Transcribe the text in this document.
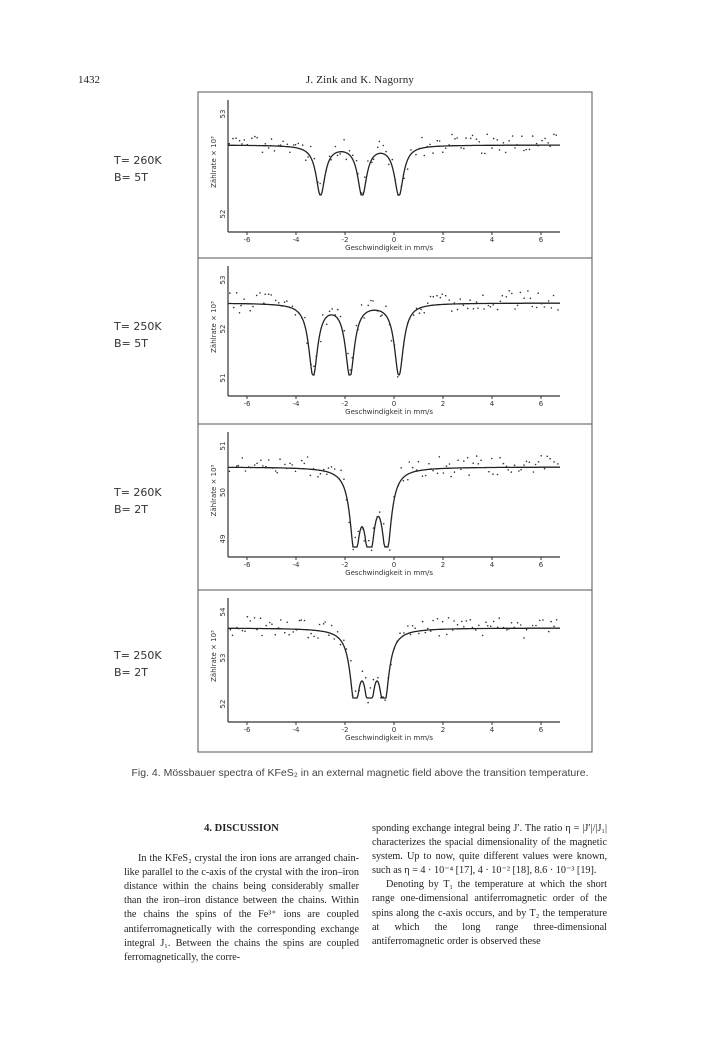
1432	J. Zink and K. Nagorny
-6	-4	-2	0	2	4	6
Geschwindigkeit in mm/s
Zählrate × 10³
53
52
-6	-4	-2	0	2	4	6
Geschwindigkeit in mm/s
Zählrate × 10³
53
52
51
-6	-4	-2	0	2	4	6
Geschwindigkeit in mm/s
Zählrate × 10³
51
50
49
-6	-4	-2	0	2	4	6
Geschwindigkeit in mm/s
Zählrate × 10³
54
53
52
T= 260K
B= 5T
T= 250K
B= 5T
T= 260K
B= 2T
T= 250K
B= 2T
Fig. 4. Mössbauer spectra of KFeS₂ in an external magnetic field above the transition temperature.

4. DISCUSSION

In the KFeS₂ crystal the iron ions are arranged chain-like parallel to the c-axis of the crystal with the iron–iron distance within the chains being considerably smaller than the iron–iron distance between the chains. Within the chains the spins of the Fe³⁺ ions are coupled antiferromagnetically with the corresponding exchange integral J₁. Between the chains the spins are coupled ferromagnetically, the corre-

sponding exchange integral being J′. The ratio η = |J′|/|J₁| characterizes the spacial dimensionality of the magnetic system. Up to now, quite different values were known, such as η = 4 · 10⁻⁴ [17], 4 · 10⁻² [18], 8.6 · 10⁻³ [19].

Denoting by T₁ the temperature at which the short range one-dimensional antiferromagnetic order of the spins along the c-axis occurs, and by T₂ the temperature at which the long range three-dimensional antiferromagnetic order is observed these
